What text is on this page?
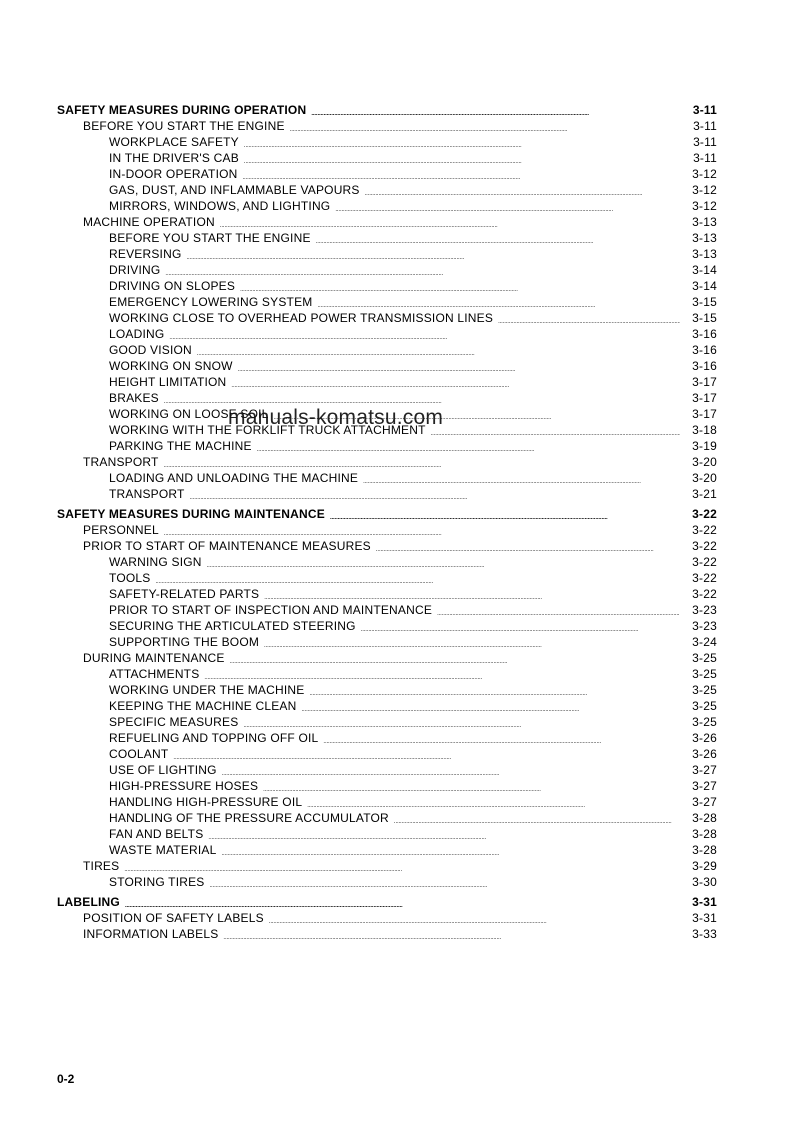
SAFETY MEASURES DURING OPERATION . . .	3-11
BEFORE YOU START THE ENGINE . . .	3-11
WORKPLACE SAFETY . . .	3-11
IN THE DRIVER'S CAB . . .	3-11
IN-DOOR OPERATION . . .	3-12
GAS, DUST, AND INFLAMMABLE VAPOURS . . .	3-12
MIRRORS, WINDOWS, AND LIGHTING . . .	3-12
MACHINE OPERATION . . .	3-13
BEFORE YOU START THE ENGINE . . .	3-13
REVERSING . . .	3-13
DRIVING . . .	3-14
DRIVING ON SLOPES . . .	3-14
EMERGENCY LOWERING SYSTEM . . .	3-15
WORKING CLOSE TO OVERHEAD POWER TRANSMISSION LINES . . .	3-15
LOADING . . .	3-16
GOOD VISION . . .	3-16
WORKING ON SNOW . . .	3-16
HEIGHT LIMITATION . . .	3-17
BRAKES . . .	3-17
WORKING ON LOOSE SOIL . . .	3-17
WORKING WITH THE FORKLIFT TRUCK ATTACHMENT . . .	3-18
PARKING THE MACHINE . . .	3-19
TRANSPORT . . .	3-20
LOADING AND UNLOADING THE MACHINE . . .	3-20
TRANSPORT . . .	3-21
SAFETY MEASURES DURING MAINTENANCE . . .	3-22
PERSONNEL . . .	3-22
PRIOR TO START OF MAINTENANCE MEASURES . . .	3-22
WARNING SIGN . . .	3-22
TOOLS . . .	3-22
SAFETY-RELATED PARTS . . .	3-22
PRIOR TO START OF INSPECTION AND MAINTENANCE . . .	3-23
SECURING THE ARTICULATED STEERING . . .	3-23
SUPPORTING THE BOOM . . .	3-24
DURING MAINTENANCE . . .	3-25
ATTACHMENTS . . .	3-25
WORKING UNDER THE MACHINE . . .	3-25
KEEPING THE MACHINE CLEAN . . .	3-25
SPECIFIC MEASURES . . .	3-25
REFUELING AND TOPPING OFF OIL . . .	3-26
COOLANT . . .	3-26
USE OF LIGHTING . . .	3-27
HIGH-PRESSURE HOSES . . .	3-27
HANDLING HIGH-PRESSURE OIL . . .	3-27
HANDLING OF THE PRESSURE ACCUMULATOR . . .	3-28
FAN AND BELTS . . .	3-28
WASTE MATERIAL . . .	3-28
TIRES . . .	3-29
STORING TIRES . . .	3-30
LABELING . . .	3-31
POSITION OF SAFETY LABELS . . .	3-31
INFORMATION LABELS . . .	3-33
manuals-komatsu.com
0-2
